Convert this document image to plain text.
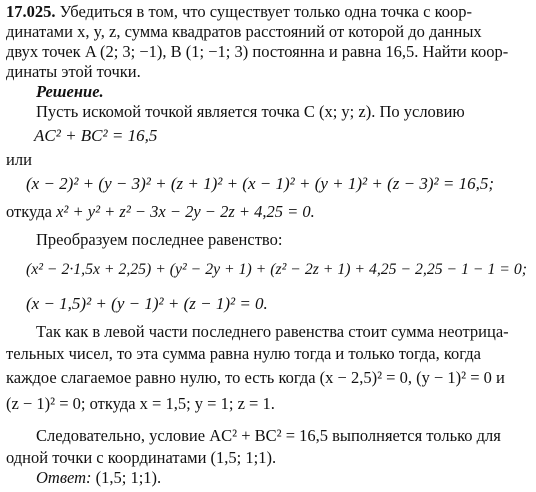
17.025. Убедиться в том, что существует только одна точка с коор-
динатами x, y, z, сумма квадратов расстояний от которой до данных
двух точек A (2; 3; −1), B (1; −1; 3) постоянна и равна 16,5. Найти коор-
динаты этой точки.
Решение.
Пусть искомой точкой является точка C (x; y; z). По условию
AC² + BC² = 16,5
или
(x − 2)² + (y − 3)² + (z + 1)² + (x − 1)² + (y + 1)² + (z − 3)² = 16,5;
откуда x² + y² + z² − 3x − 2y − 2z + 4,25 = 0.
Преобразуем последнее равенство:
(x² − 2·1,5x + 2,25) + (y² − 2y + 1) + (z² − 2z + 1) + 4,25 − 2,25 − 1 − 1 = 0;
(x − 1,5)² + (y − 1)² + (z − 1)² = 0.
Так как в левой части последнего равенства стоит сумма неотрица-
тельных чисел, то эта сумма равна нулю тогда и только тогда, когда
каждое слагаемое равно нулю, то есть когда (x − 2,5)² = 0, (y − 1)² = 0 и
(z − 1)² = 0; откуда x = 1,5; y = 1; z = 1.
Следовательно, условие AC² + BC² = 16,5 выполняется только для
одной точки с координатами (1,5; 1;1).
Ответ: (1,5; 1;1).
